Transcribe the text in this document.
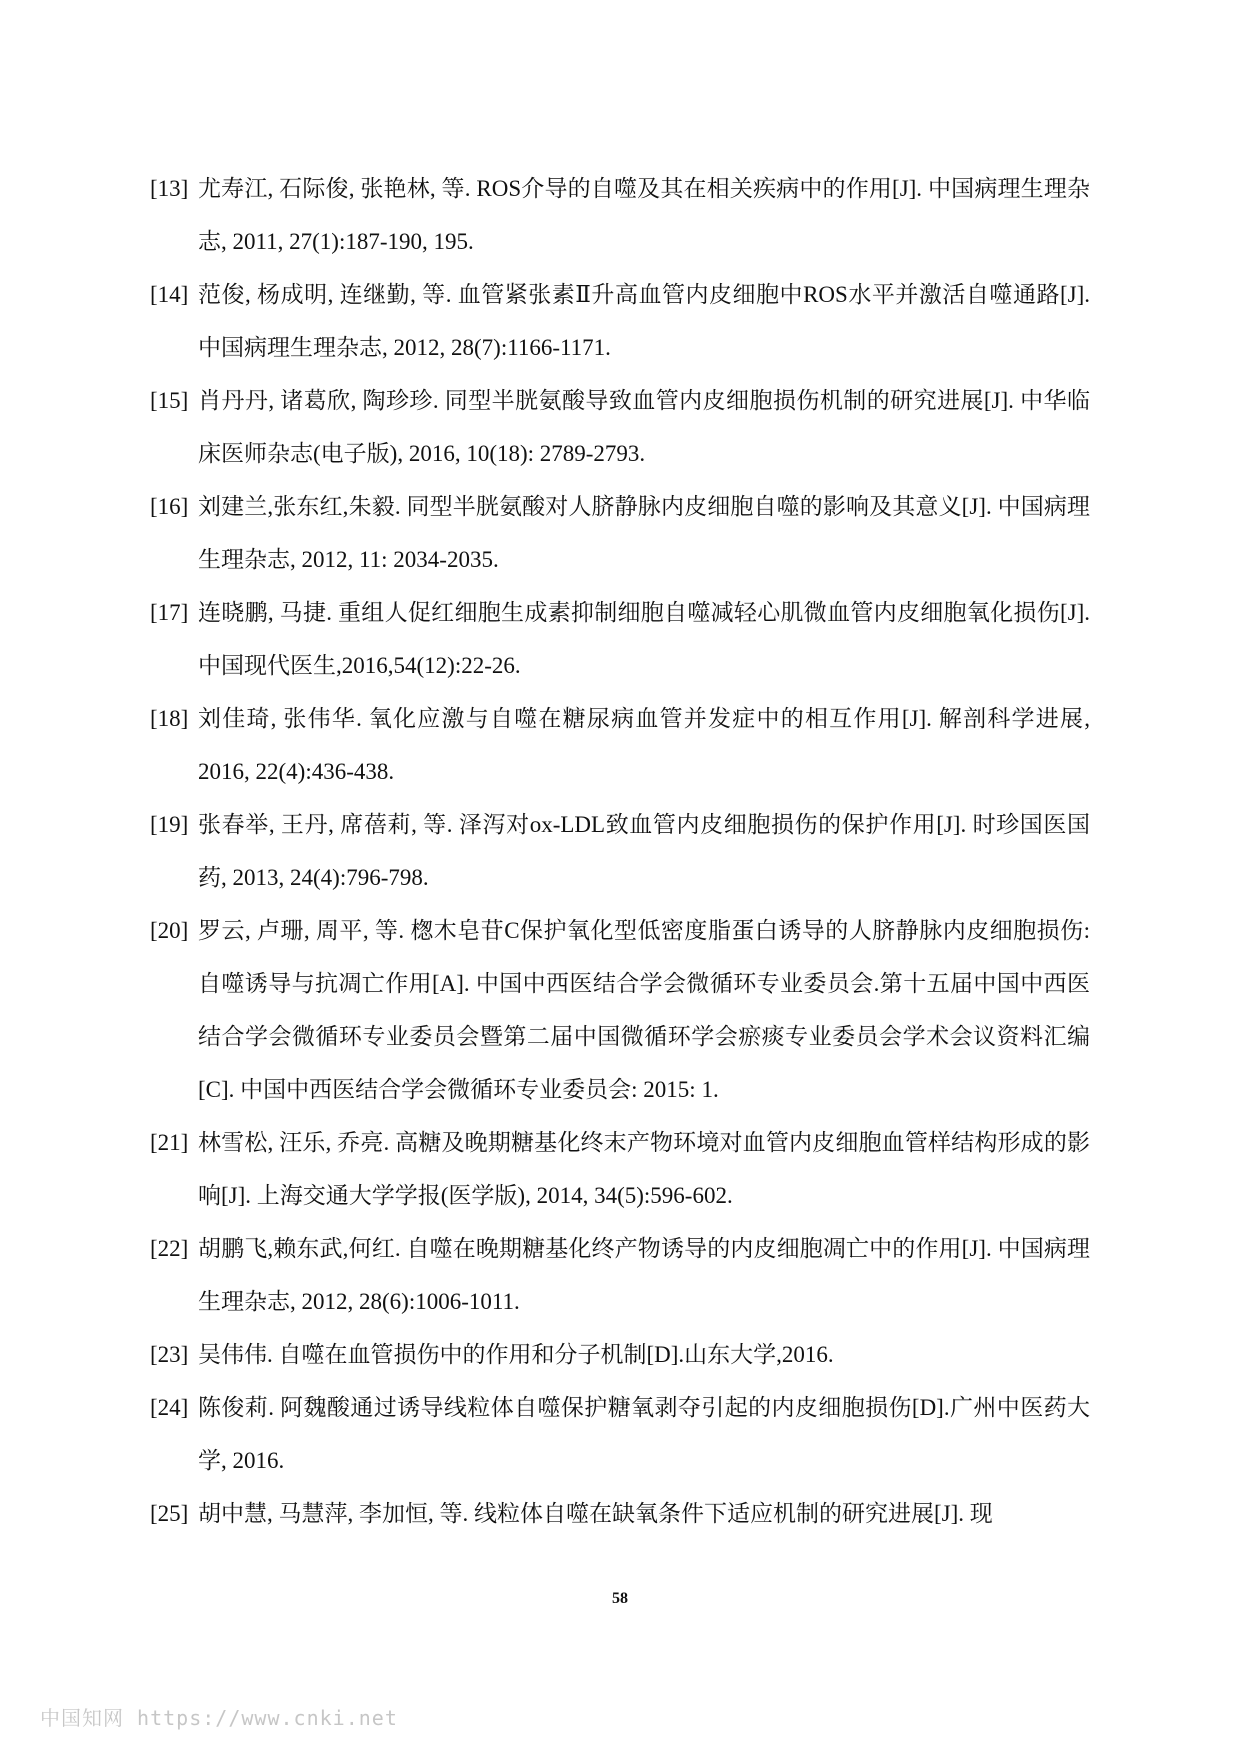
[13] 尤寿江, 石际俊, 张艳林, 等. ROS介导的自噬及其在相关疾病中的作用[J]. 中国病理生理杂志, 2011, 27(1):187-190, 195.
[14] 范俊, 杨成明, 连继勤, 等. 血管紧张素Ⅱ升高血管内皮细胞中ROS水平并激活自噬通路[J]. 中国病理生理杂志, 2012, 28(7):1166-1171.
[15] 肖丹丹, 诸葛欣, 陶珍珍. 同型半胱氨酸导致血管内皮细胞损伤机制的研究进展[J]. 中华临床医师杂志(电子版), 2016, 10(18): 2789-2793.
[16] 刘建兰,张东红,朱毅. 同型半胱氨酸对人脐静脉内皮细胞自噬的影响及其意义[J]. 中国病理生理杂志, 2012, 11: 2034-2035.
[17] 连晓鹏, 马捷. 重组人促红细胞生成素抑制细胞自噬减轻心肌微血管内皮细胞氧化损伤[J]. 中国现代医生,2016,54(12):22-26.
[18] 刘佳琦, 张伟华. 氧化应激与自噬在糖尿病血管并发症中的相互作用[J]. 解剖科学进展, 2016, 22(4):436-438.
[19] 张春举, 王丹, 席蓓莉, 等. 泽泻对ox-LDL致血管内皮细胞损伤的保护作用[J]. 时珍国医国药, 2013, 24(4):796-798.
[20] 罗云, 卢珊, 周平, 等. 楤木皂苷C保护氧化型低密度脂蛋白诱导的人脐静脉内皮细胞损伤: 自噬诱导与抗凋亡作用[A]. 中国中西医结合学会微循环专业委员会.第十五届中国中西医结合学会微循环专业委员会暨第二届中国微循环学会瘀痰专业委员会学术会议资料汇编[C]. 中国中西医结合学会微循环专业委员会: 2015: 1.
[21] 林雪松, 汪乐, 乔亮. 高糖及晚期糖基化终末产物环境对血管内皮细胞血管样结构形成的影响[J]. 上海交通大学学报(医学版), 2014, 34(5):596-602.
[22] 胡鹏飞,赖东武,何红. 自噬在晚期糖基化终产物诱导的内皮细胞凋亡中的作用[J]. 中国病理生理杂志, 2012, 28(6):1006-1011.
[23] 吴伟伟. 自噬在血管损伤中的作用和分子机制[D].山东大学,2016.
[24] 陈俊莉. 阿魏酸通过诱导线粒体自噬保护糖氧剥夺引起的内皮细胞损伤[D].广州中医药大学, 2016.
[25] 胡中慧, 马慧萍, 李加恒, 等. 线粒体自噬在缺氧条件下适应机制的研究进展[J]. 现
58
中国知网 https://www.cnki.net
